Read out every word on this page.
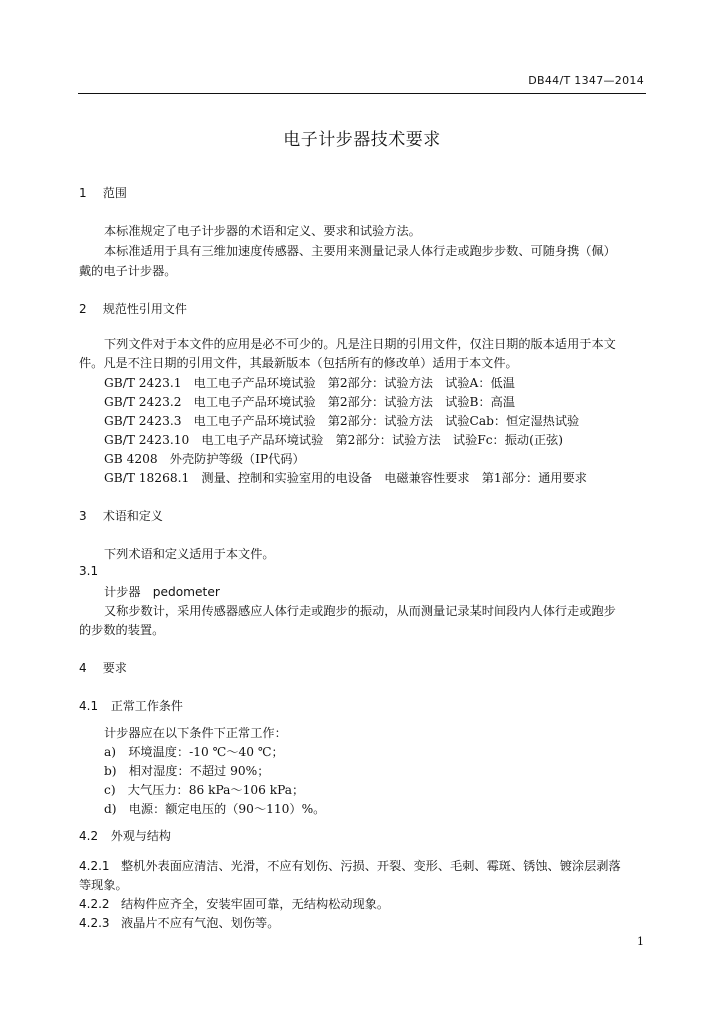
DB44/T 1347—2014
电子计步器技术要求
1 范围
本标准规定了电子计步器的术语和定义、要求和试验方法。
本标准适用于具有三维加速度传感器、主要用来测量记录人体行走或跑步步数、可随身携（佩）
戴的电子计步器。
2 规范性引用文件
下列文件对于本文件的应用是必不可少的。凡是注日期的引用文件，仅注日期的版本适用于本文
件。凡是不注日期的引用文件，其最新版本（包括所有的修改单）适用于本文件。
GB/T 2423.1　电工电子产品环境试验　第2部分：试验方法　试验A：低温
GB/T 2423.2　电工电子产品环境试验　第2部分：试验方法　试验B：高温
GB/T 2423.3　电工电子产品环境试验　第2部分：试验方法　试验Cab：恒定湿热试验
GB/T 2423.10　电工电子产品环境试验　第2部分：试验方法　试验Fc：振动(正弦)
GB 4208　外壳防护等级（IP代码）
GB/T 18268.1　测量、控制和实验室用的电设备　电磁兼容性要求　第1部分：通用要求
3 术语和定义
下列术语和定义适用于本文件。
3.1
计步器　pedometer
又称步数计，采用传感器感应人体行走或跑步的振动，从而测量记录某时间段内人体行走或跑步
的步数的装置。
4 要求
4.1 正常工作条件
计步器应在以下条件下正常工作：
a)　环境温度：-10 ℃～40 ℃；
b)　相对湿度：不超过 90%；
c)　大气压力：86 kPa～106 kPa；
d)　电源：额定电压的（90～110）%。
4.2 外观与结构
4.2.1 整机外表面应清洁、光滑，不应有划伤、污损、开裂、变形、毛刺、霉斑、锈蚀、镀涂层剥落
等现象。
4.2.2 结构件应齐全，安装牢固可靠，无结构松动现象。
4.2.3 液晶片不应有气泡、划伤等。
1
